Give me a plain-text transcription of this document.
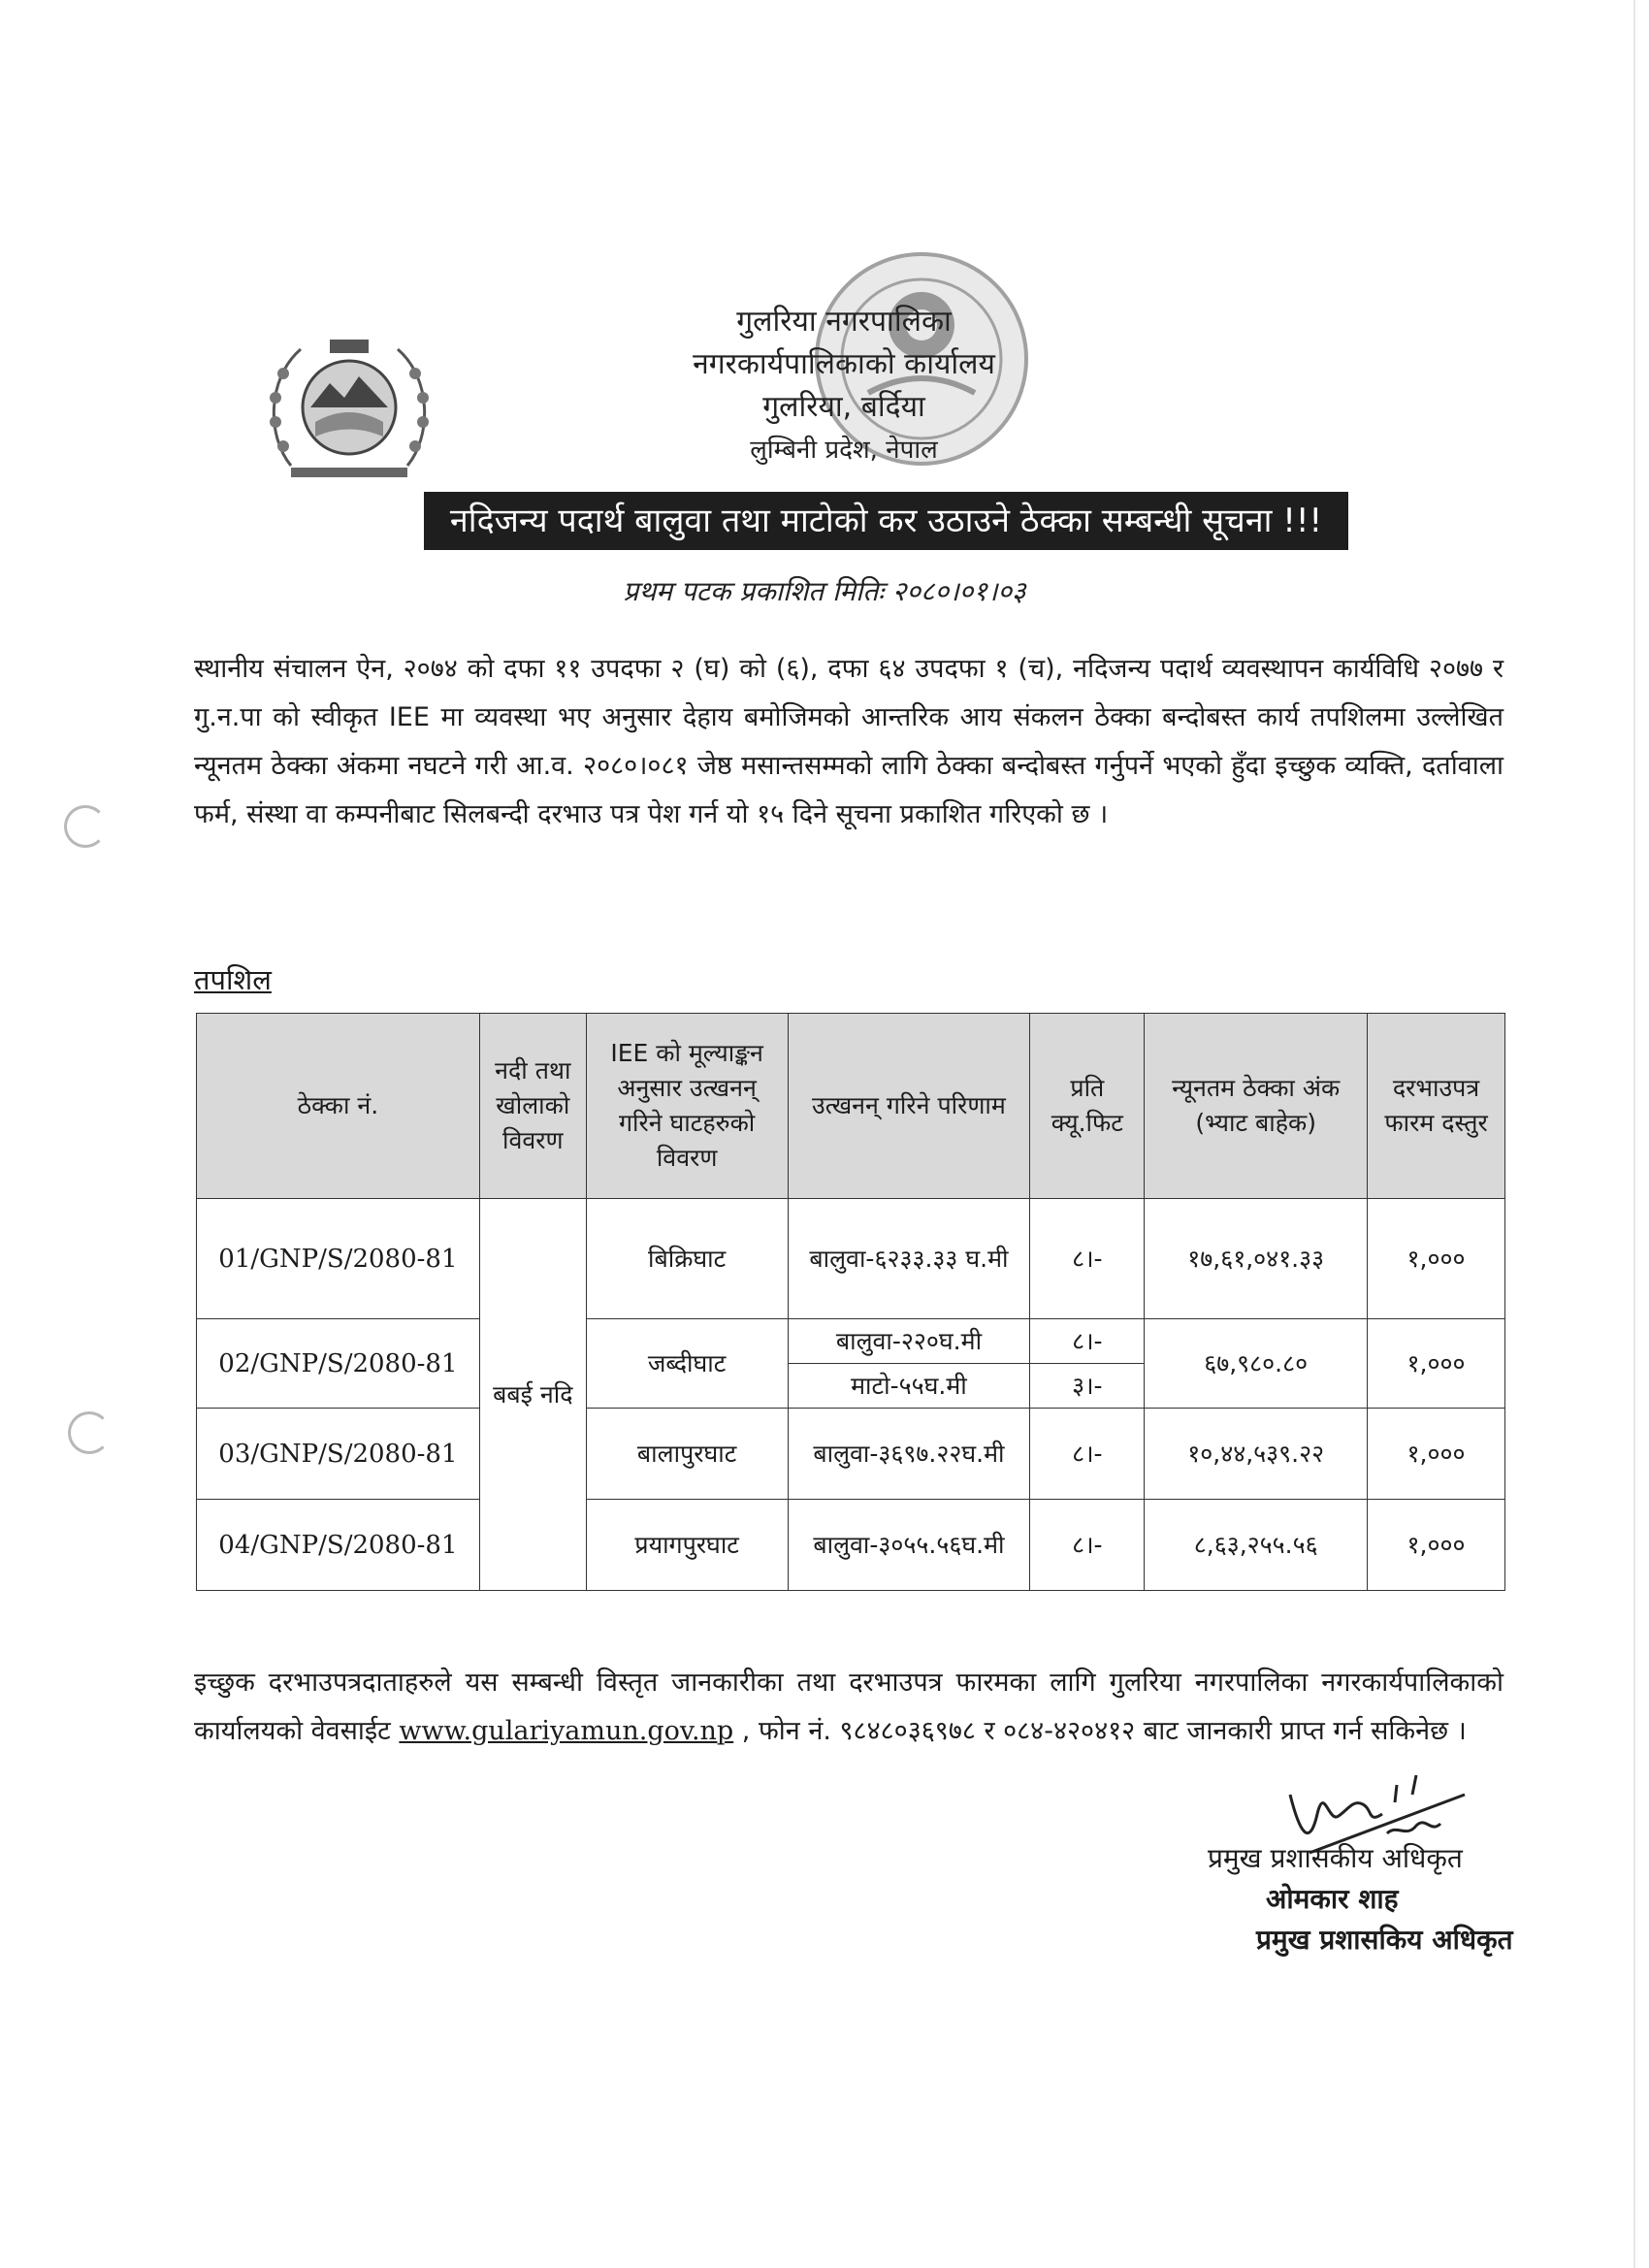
गुलरिया नगरपालिका
नगरकार्यपालिकाको कार्यालय
गुलरिया, बर्दिया
लुम्बिनी प्रदेश, नेपाल
नदिजन्य पदार्थ बालुवा तथा माटोको कर उठाउने ठेक्का सम्बन्धी सूचना !!!
प्रथम पटक प्रकाशित मितिः २०८०।०१।०३
स्थानीय संचालन ऐन, २०७४ को दफा ११ उपदफा २ (घ) को (६), दफा ६४ उपदफा १ (च), नदिजन्य पदार्थ व्यवस्थापन कार्यविधि २०७७ र गु.न.पा को स्वीकृत IEE मा व्यवस्था भए अनुसार देहाय बमोजिमको आन्तरिक आय संकलन ठेक्का बन्दोबस्त कार्य तपशिलमा उल्लेखित न्यूनतम ठेक्का अंकमा नघटने गरी आ.व. २०८०।०८१ जेष्ठ मसान्तसम्मको लागि ठेक्का बन्दोबस्त गर्नुपर्ने भएको हुँदा इच्छुक व्यक्ति, दर्तावाला फर्म, संस्था वा कम्पनीबाट सिलबन्दी दरभाउ पत्र पेश गर्न यो १५ दिने सूचना प्रकाशित गरिएको छ ।
तपशिल
ठेक्का नं.	नदी तथा खोलाको विवरण	IEE को मूल्याङ्कन अनुसार उत्खनन् गरिने घाटहरुको विवरण	उत्खनन् गरिने परिणाम	प्रति क्यू.फिट	न्यूनतम ठेक्का अंक (भ्याट बाहेक)	दरभाउपत्र फारम दस्तुर
01/GNP/S/2080-81	बबई नदि	बिक्रिघाट	बालुवा-६२३३.३३ घ.मी	८।-	१७,६१,०४१.३३	१,०००
02/GNP/S/2080-81		जब्दीघाट	बालुवा-२२०घ.मी	८।-	६७,९८०.८०	१,०००
			माटो-५५घ.मी	३।-		
03/GNP/S/2080-81		बालापुरघाट	बालुवा-३६९७.२२घ.मी	८।-	१०,४४,५३९.२२	१,०००
04/GNP/S/2080-81		प्रयागपुरघाट	बालुवा-३०५५.५६घ.मी	८।-	८,६३,२५५.५६	१,०००
इच्छुक दरभाउपत्रदाताहरुले यस सम्बन्धी विस्तृत जानकारीका तथा दरभाउपत्र फारमका लागि गुलरिया नगरपालिका नगरकार्यपालिकाको कार्यालयको वेवसाईट www.gulariyamun.gov.np , फोन नं. ९८४८०३६९७८ र ०८४-४२०४१२ बाट जानकारी प्राप्त गर्न सकिनेछ ।
प्रमुख प्रशासकीय अधिकृत
ओमकार शाह
प्रमुख प्रशासकिय अधिकृत
